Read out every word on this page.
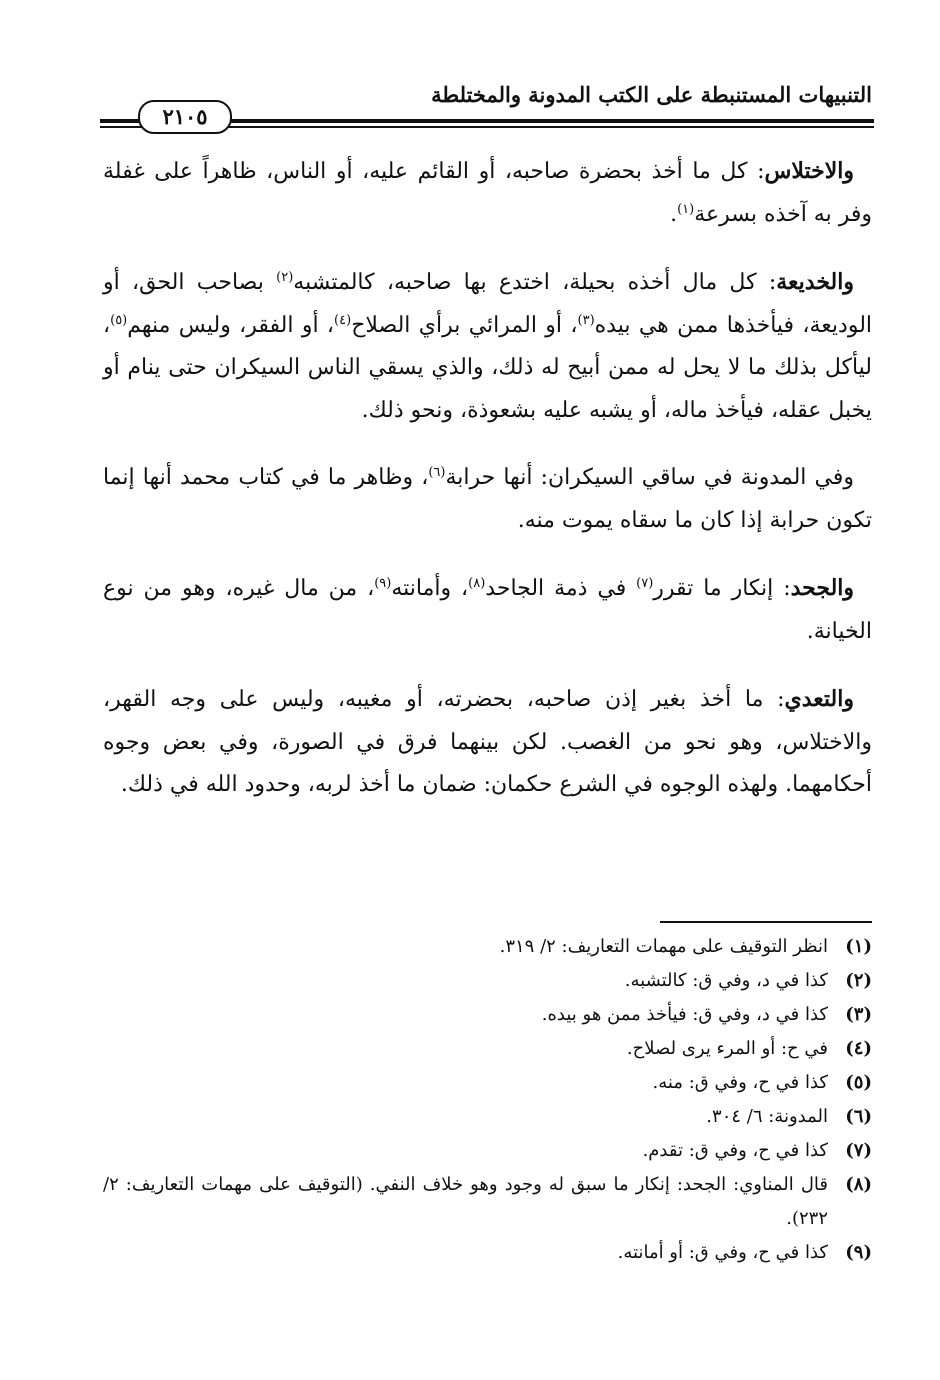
التنبيهات المستنبطة على الكتب المدونة والمختلطة
٢١٠٥

والاختلاس: كل ما أخذ بحضرة صاحبه، أو القائم عليه، أو الناس، ظاهراً على غفلة وفر به آخذه بسرعة$^{(١)}$.

والخديعة: كل مال أخذه بحيلة، اختدع بها صاحبه، كالمتشبه$^{(٢)}$ بصاحب الحق، أو الوديعة، فيأخذها ممن هي بيده$^{(٣)}$، أو المرائي برأي الصلاح$^{(٤)}$، أو الفقر، وليس منهم$^{(٥)}$، ليأكل بذلك ما لا يحل له ممن أبيح له ذلك، والذي يسقي الناس السيكران حتى ينام أو يخبل عقله، فيأخذ ماله، أو يشبه عليه بشعوذة، ونحو ذلك.

وفي المدونة في ساقي السيكران: أنها حرابة$^{(٦)}$، وظاهر ما في كتاب محمد أنها إنما تكون حرابة إذا كان ما سقاه يموت منه.

والجحد: إنكار ما تقرر$^{(٧)}$ في ذمة الجاحد$^{(٨)}$، وأمانته$^{(٩)}$، من مال غيره، وهو من نوع الخيانة.

والتعدي: ما أخذ بغير إذن صاحبه، بحضرته، أو مغيبه، وليس على وجه القهر، والاختلاس، وهو نحو من الغصب. لكن بينهما فرق في الصورة، وفي بعض وجوه أحكامهما. ولهذه الوجوه في الشرع حكمان: ضمان ما أخذ لربه، وحدود الله في ذلك.

(١)
انظر التوقيف على مهمات التعاريف: ٢/ ٣١٩.
(٢)
كذا في د، وفي ق: كالتشبه.
(٣)
كذا في د، وفي ق: فيأخذ ممن هو بيده.
(٤)
في ح: أو المرء يرى لصلاح.
(٥)
كذا في ح، وفي ق: منه.
(٦)
المدونة: ٦/ ٣٠٤.
(٧)
كذا في ح، وفي ق: تقدم.
(٨)
قال المناوي: الجحد: إنكار ما سبق له وجود وهو خلاف النفي. (التوقيف على مهمات التعاريف: ٢/ ٢٣٢).
(٩)
كذا في ح، وفي ق: أو أمانته.
